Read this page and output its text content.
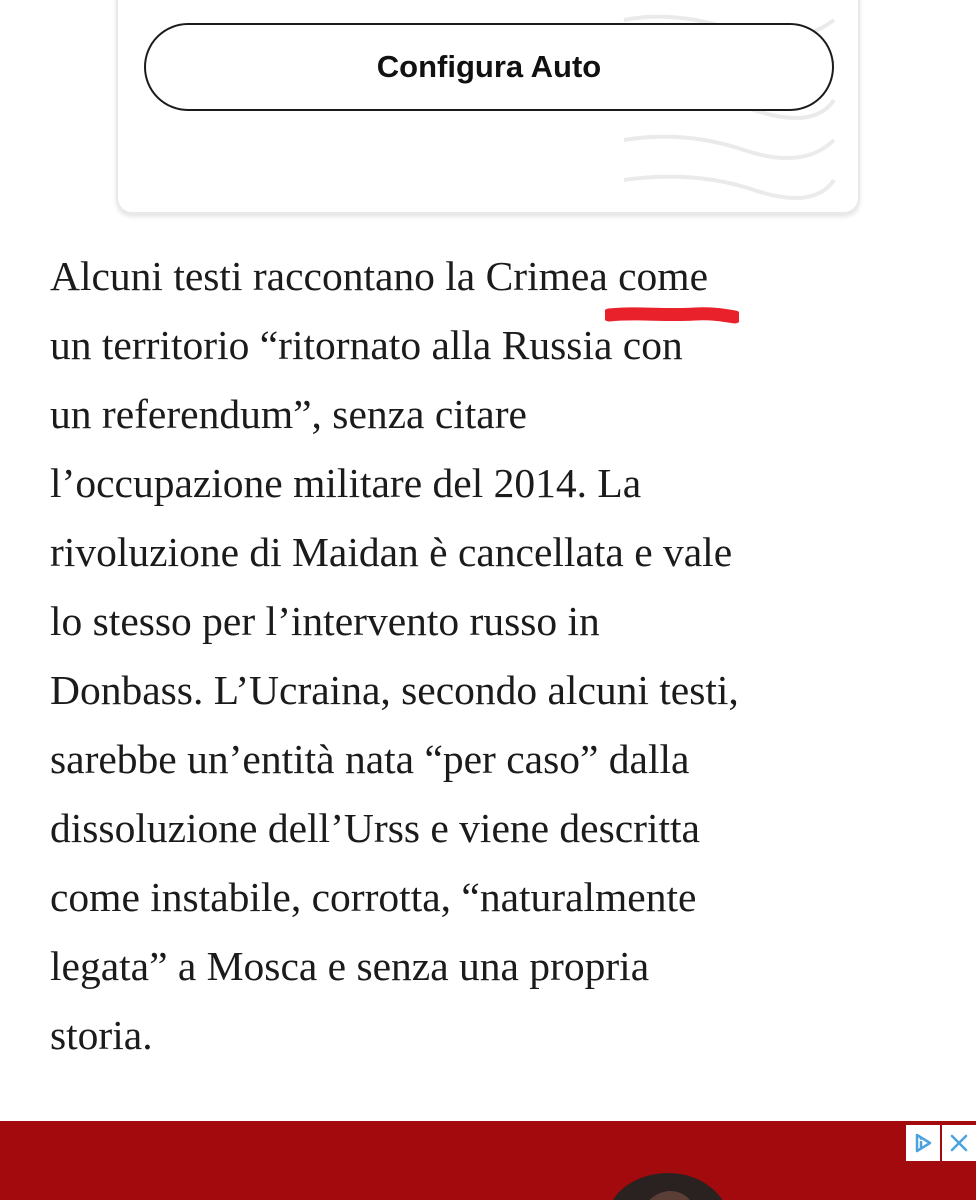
Configura Auto

Alcuni testi raccontano la Crimea come
un territorio “ritornato alla Russia con
un referendum”, senza citare
l’occupazione militare del 2014. La
rivoluzione di Maidan è cancellata e vale
lo stesso per l’intervento russo in
Donbass. L’Ucraina, secondo alcuni testi,
sarebbe un’entità nata “per caso” dalla
dissoluzione dell’Urss e viene descritta
come instabile, corrotta, “naturalmente
legata” a Mosca e senza una propria
storia.
